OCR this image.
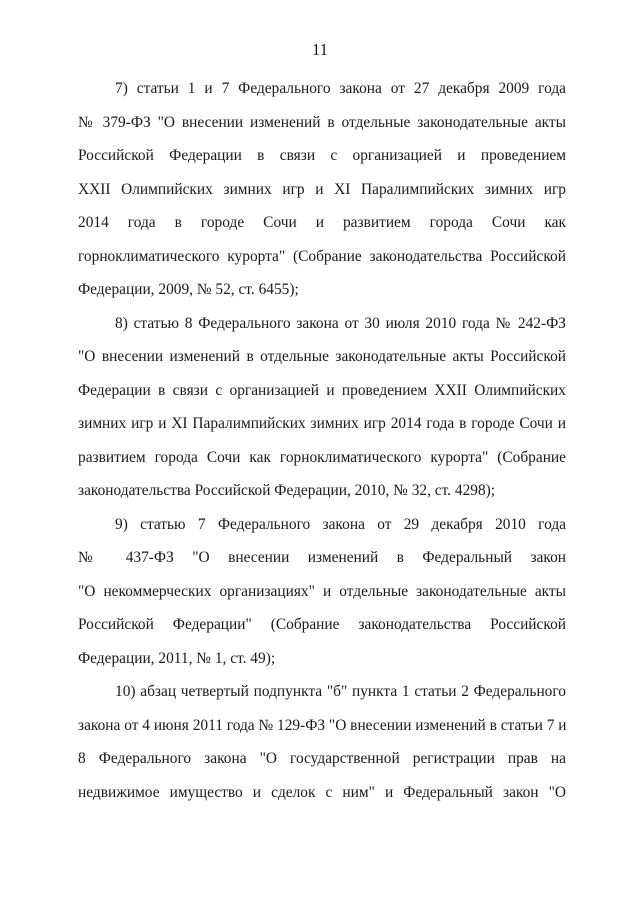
11
7) статьи 1 и 7 Федерального закона от 27 декабря 2009 года
№ 379-ФЗ "О внесении изменений в отдельные законодательные акты
Российской Федерации в связи с организацией и проведением
XXII Олимпийских зимних игр и XI Паралимпийских зимних игр
2014 года в городе Сочи и развитием города Сочи как
горноклиматического курорта" (Собрание законодательства Российской
Федерации, 2009, № 52, ст. 6455);
8) статью 8 Федерального закона от 30 июля 2010 года № 242-ФЗ
"О внесении изменений в отдельные законодательные акты Российской
Федерации в связи с организацией и проведением XXII Олимпийских
зимних игр и XI Паралимпийских зимних игр 2014 года в городе Сочи и
развитием города Сочи как горноклиматического курорта" (Собрание
законодательства Российской Федерации, 2010, № 32, ст. 4298);
9) статью 7 Федерального закона от 29 декабря 2010 года
№ 437-ФЗ "О внесении изменений в Федеральный закон
"О некоммерческих организациях" и отдельные законодательные акты
Российской Федерации" (Собрание законодательства Российской
Федерации, 2011, № 1, ст. 49);
10) абзац четвертый подпункта "б" пункта 1 статьи 2 Федерального
закона от 4 июня 2011 года № 129-ФЗ "О внесении изменений в статьи 7 и
8 Федерального закона "О государственной регистрации прав на
недвижимое имущество и сделок с ним" и Федеральный закон "О
